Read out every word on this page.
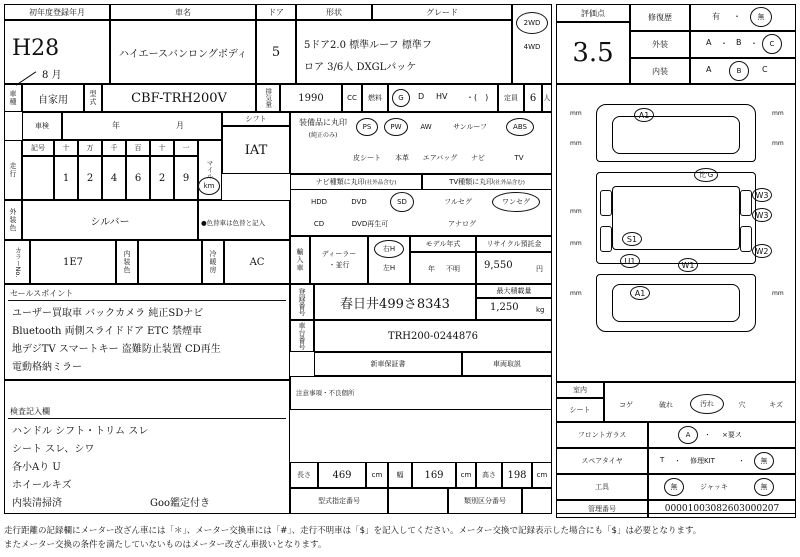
初年度登録年月
H28
8 月
車名
ハイエースバンロングボディ
ドア
5
形状	グレード
5ドア2.0 標準ルーフ 標準フ
ロア 3/6人 DXGLパッケ
2WD
4WD
評価点
3.5
修復歴	有 ・	無
外装	A ・ B ・	C
内装	A	B	C
車種	自家用	型式	CBF-TRH200V	排気量	1990	CC	燃料	G	D HV ・(　)	定員	6 人
車検	年	月
シフト
IAT
装備品に丸印
(純正のみ)
PS	PW	AW	サンルーフ	ABS
皮シート	本革	エアバッグ	ナビ	TV
走行
記号	十	万	千	百	十	一
マイル
1 2 4 6 2 9
km	ナビ種類に丸印 (社外品含む)	TV種類に丸印 (社外品含む)
HDD	DVD	SD
CD	DVD再生可
フルセグ	ワンセグ
アナログ
外装色	シルバー	●色替車は色替と記入
カラーNo.	1E7	内装色	冷暖房	AC	輸入車	ディーラー
・並行
右H
左H
モデル年式
年 不明
リサイクル預託金
9,550	円
登録番号	春日井499さ8343
最大積載量
1,250 kg
車台番号	TRH200-0244876
セールスポイント
ユーザー買取車 バックカメラ 純正SDナビ
Bluetooth 両側スライドドア ETC 禁煙車
地デジTV スマートキー 盗難防止装置 CD再生
電動格納ミラー	新車保証書	車両取説
注意事項・不良個所
検査記入欄
ハンドル シフト・トリム スレ
シート スレ、シワ
各小Aり U
ホイールキズ
内装清掃済	Goo鑑定付き
長さ	469	cm	幅	169	cm	高さ	198	cm
型式指定番号	類別区分番号
A1
比'G
W3
W3
W2
S1
U1	W1
A1
mm
mm
mm
mm
mm
mm
mm
mm
室内
シート
コゲ	破れ	汚れ	穴	キズ
フロントガラス	A	・ ×要ス
スペアタイヤ	T ・ 修理KIT	・	無
工具	無	ジャッキ	無
管理番号	00001003082603000207
走行距離の記録欄にメーター改ざん車には「＊」、メーター交換車には「#」、走行不明車は「$」を記入してください。メーター交換で記録表示した場合にも「$」は必要となります。
またメーター交換の条件を満たしていないものはメーター改ざん車扱いとなります。
